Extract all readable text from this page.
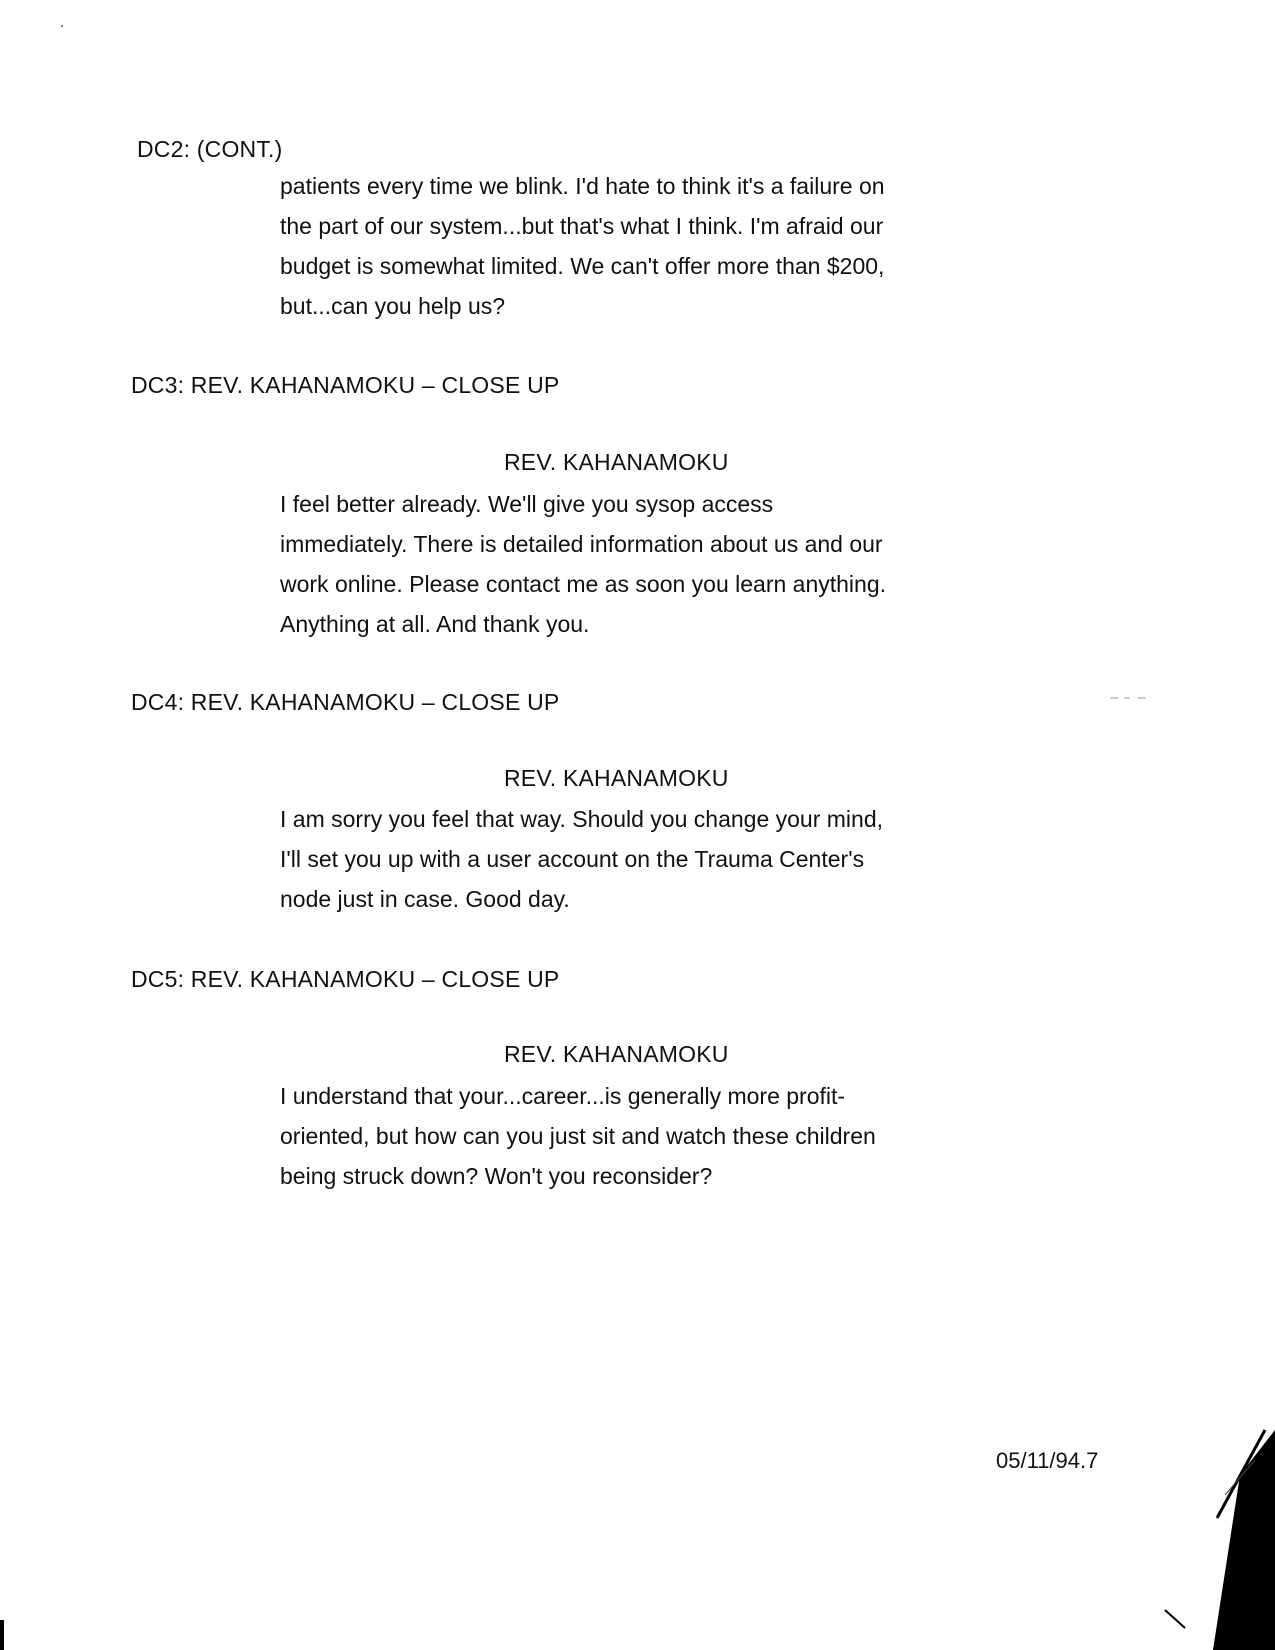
DC2: (CONT.)
patients every time we blink. I'd hate to think it's a failure on
the part of our system...but that's what I think. I'm afraid our
budget is somewhat limited. We can't offer more than $200,
but...can you help us?
DC3: REV. KAHANAMOKU – CLOSE UP
REV. KAHANAMOKU
I feel better already. We'll give you sysop access
immediately. There is detailed information about us and our
work online. Please contact me as soon you learn anything.
Anything at all. And thank you.
DC4: REV. KAHANAMOKU – CLOSE UP
REV. KAHANAMOKU
I am sorry you feel that way. Should you change your mind,
I'll set you up with a user account on the Trauma Center's
node just in case. Good day.
DC5: REV. KAHANAMOKU – CLOSE UP
REV. KAHANAMOKU
I understand that your...career...is generally more profit-
oriented, but how can you just sit and watch these children
being struck down? Won't you reconsider?
05/11/94.7
